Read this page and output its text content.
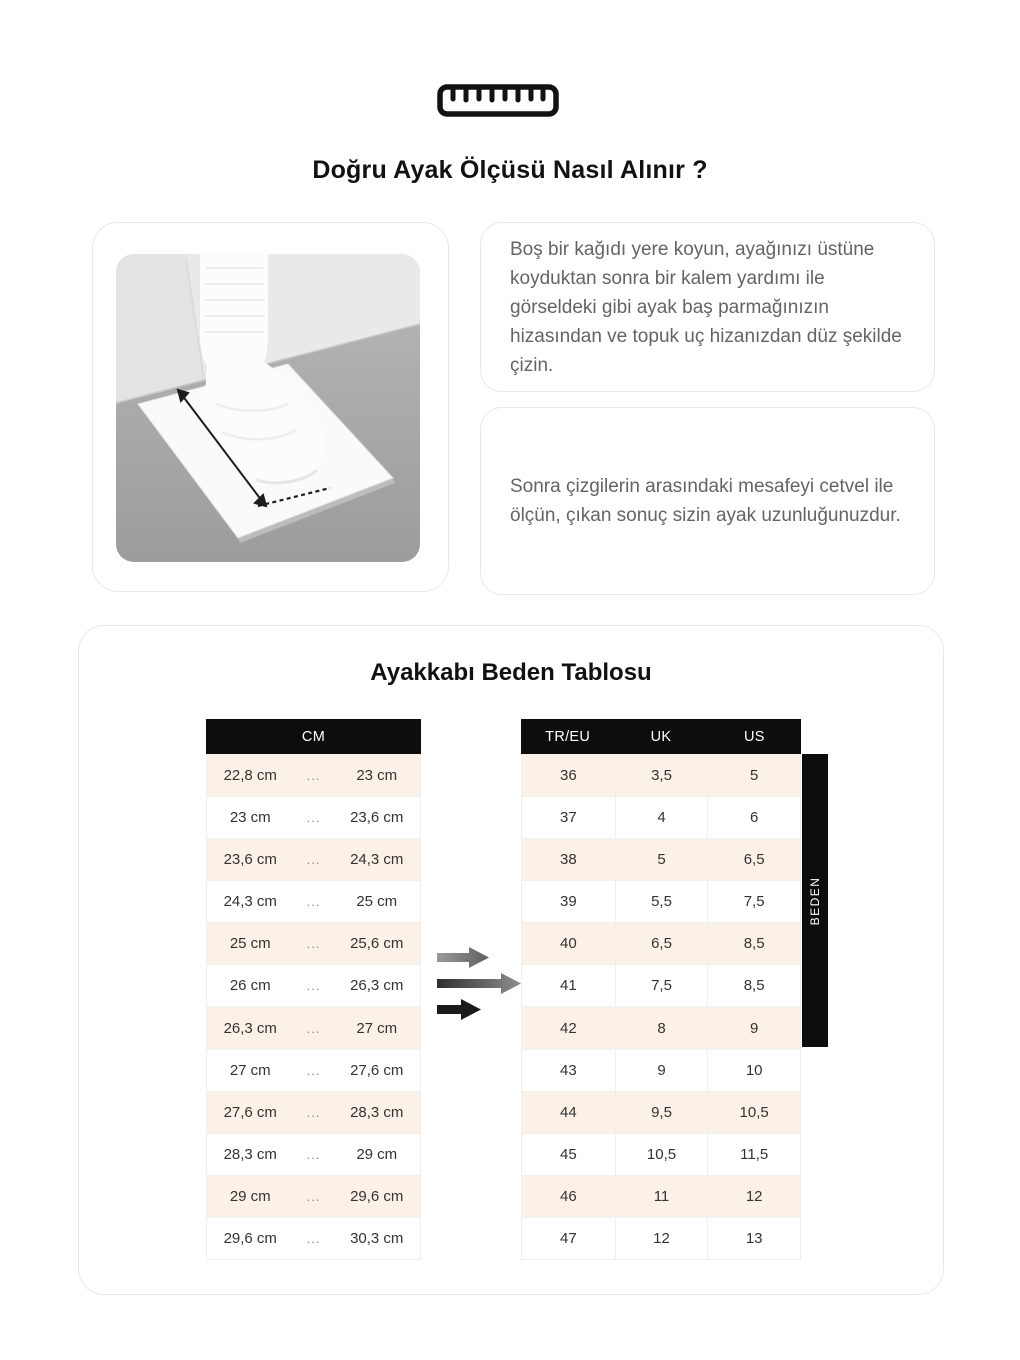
Doğru Ayak Ölçüsü Nasıl Alınır ?
Boş bir kağıdı yere koyun, ayağınızı üstüne koyduktan sonra bir kalem yardımı ile görseldeki gibi ayak baş parmağınızın hizasından ve topuk uç hizanızdan düz şekilde çizin.
Sonra çizgilerin arasındaki mesafeyi cetvel ile ölçün, çıkan sonuç sizin ayak uzunluğunuzdur.
Ayakkabı Beden Tablosu
CM
22,8 cm	...	23 cm
23 cm	...	23,6 cm
23,6 cm	...	24,3 cm
24,3 cm	...	25 cm
25 cm	...	25,6 cm
26 cm	...	26,3 cm
26,3 cm	...	27 cm
27 cm	...	27,6 cm
27,6 cm	...	28,3 cm
28,3 cm	...	29 cm
29 cm	...	29,6 cm
29,6 cm	...	30,3 cm
TR/EU	UK	US
36	3,5	5
37	4	6
38	5	6,5
39	5,5	7,5
40	6,5	8,5
41	7,5	8,5
42	8	9
43	9	10
44	9,5	10,5
45	10,5	11,5
46	11	12
47	12	13
BEDEN
